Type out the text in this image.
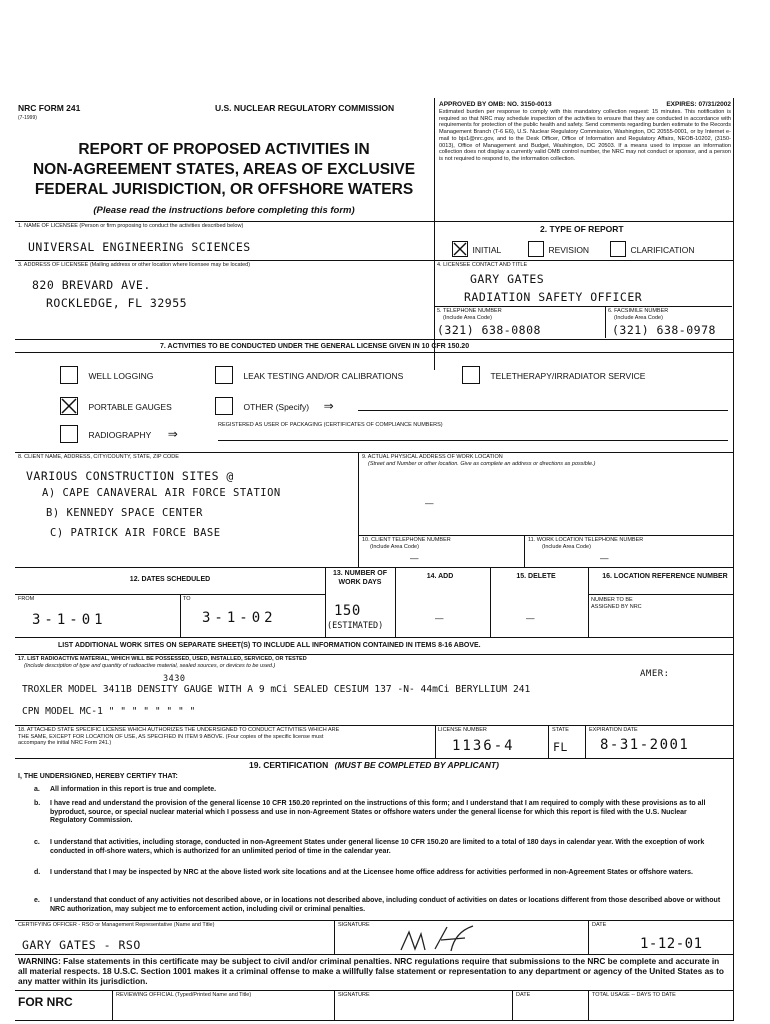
NRC FORM 241
(7-1999)
U.S. NUCLEAR REGULATORY COMMISSION
REPORT OF PROPOSED ACTIVITIES IN
NON-AGREEMENT STATES, AREAS OF EXCLUSIVE
FEDERAL JURISDICTION, OR OFFSHORE WATERS
(Please read the instructions before completing this form)
APPROVED BY OMB: NO. 3150-0013	EXPIRES: 07/31/2002
Estimated burden per response to comply with this mandatory collection request: 15 minutes. This notification is required so that NRC may schedule inspection of the activities to ensure that they are conducted in accordance with requirements for protection of the public health and safety. Send comments regarding burden estimate to the Records Management Branch (T-6 E6), U.S. Nuclear Regulatory Commission, Washington, DC 20555-0001, or by Internet e-mail to bjs1@nrc.gov, and to the Desk Officer, Office of Information and Regulatory Affairs, NEOB-10202, (3150-0013), Office of Management and Budget, Washington, DC 20503. If a means used to impose an information collection does not display a currently valid OMB control number, the NRC may not conduct or sponsor, and a person is not required to respond to, the information collection.
1. NAME OF LICENSEE (Person or firm proposing to conduct the activities described below)
UNIVERSAL ENGINEERING SCIENCES
2. TYPE OF REPORT
INITIAL	REVISION	CLARIFICATION
3. ADDRESS OF LICENSEE (Mailing address or other location where licensee may be located)
820 BREVARD AVE.
ROCKLEDGE, FL 32955
4. LICENSEE CONTACT AND TITLE
GARY GATES
RADIATION SAFETY OFFICER
5. TELEPHONE NUMBER
(Include Area Code)
(321) 638-0808
6. FACSIMILE NUMBER
(Include Area Code)
(321) 638-0978
7. ACTIVITIES TO BE CONDUCTED UNDER THE GENERAL LICENSE GIVEN IN 10 CFR 150.20
WELL LOGGING	LEAK TESTING AND/OR CALIBRATIONS	TELETHERAPY/IRRADIATOR SERVICE
PORTABLE GAUGES	OTHER (Specify) ⇒
RADIOGRAPHY ⇒
REGISTERED AS USER OF PACKAGING (CERTIFICATES OF COMPLIANCE NUMBERS)
8. CLIENT NAME, ADDRESS, CITY/COUNTY, STATE, ZIP CODE
VARIOUS CONSTRUCTION SITES @
A) CAPE CANAVERAL AIR FORCE STATION
B) KENNEDY SPACE CENTER
C) PATRICK AIR FORCE BASE
9. ACTUAL PHYSICAL ADDRESS OF WORK LOCATION
(Street and Number or other location. Give as complete an address or directions as possible.)
—
10. CLIENT TELEPHONE NUMBER
(Include Area Code)
—
11. WORK LOCATION TELEPHONE NUMBER
(Include Area Code)
—
12. DATES SCHEDULED
FROM
3-1-01
TO
3-1-02
13. NUMBER OF WORK DAYS
150
(ESTIMATED)
14. ADD
—
15. DELETE
—
16. LOCATION REFERENCE NUMBER
NUMBER TO BE ASSIGNED BY NRC
LIST ADDITIONAL WORK SITES ON SEPARATE SHEET(S) TO INCLUDE ALL INFORMATION CONTAINED IN ITEMS 8-16 ABOVE.
17. LIST RADIOACTIVE MATERIAL, WHICH WILL BE POSSESSED, USED, INSTALLED, SERVICED, OR TESTED
(Include description of type and quantity of radioactive material, sealed sources, or devices to be used.)
3430	AMER:
TROXLER MODEL 3411B DENSITY GAUGE WITH A 9 mCi SEALED CESIUM 137 -N- 44mCi BERYLLIUM 241
CPN MODEL MC-1 " " " " " " " "
18. ATTACHED STATE SPECIFIC LICENSE WHICH AUTHORIZES THE UNDERSIGNED TO CONDUCT ACTIVITIES WHICH ARE THE SAME, EXCEPT FOR LOCATION OF USE, AS SPECIFIED IN ITEM 9 ABOVE. (Four copies of the specific license must accompany the initial NRC Form 241.)
LICENSE NUMBER
1136-4
STATE
FL
EXPIRATION DATE
8-31-2001
19. CERTIFICATION (MUST BE COMPLETED BY APPLICANT)
I, THE UNDERSIGNED, HEREBY CERTIFY THAT:
a. All information in this report is true and complete.
b.	I have read and understand the provision of the general license 10 CFR 150.20 reprinted on the instructions of this form; and I understand that I am required to comply with these provisions as to all byproduct, source, or special nuclear material which I possess and use in non-Agreement States or offshore waters under the general license for which this report is filed with the U.S. Nuclear Regulatory Commission.
c.	I understand that activities, including storage, conducted in non-Agreement States under general license 10 CFR 150.20 are limited to a total of 180 days in calendar year. With the exception of work conducted in off-shore waters, which is authorized for an unlimited period of time in the calendar year.
d.	I understand that I may be inspected by NRC at the above listed work site locations and at the Licensee home office address for activities performed in non-Agreement States or offshore waters.
e.	I understand that conduct of any activities not described above, or in locations not described above, including conduct of activities on dates or locations different from those described above or without NRC authorization, may subject me to enforcement action, including civil or criminal penalties.
CERTIFYING OFFICER - RSO or Management Representative (Name and Title)
GARY GATES - RSO
SIGNATURE	DATE
1-12-01
WARNING: False statements in this certificate may be subject to civil and/or criminal penalties. NRC regulations require that submissions to the NRC be complete and accurate in all material respects. 18 U.S.C. Section 1001 makes it a criminal offense to make a willfully false statement or representation to any department or agency of the United States as to any matter within its jurisdiction.
FOR NRC	REVIEWING OFFICIAL (Typed/Printed Name and Title)	SIGNATURE	DATE	TOTAL USAGE -- DAYS TO DATE
